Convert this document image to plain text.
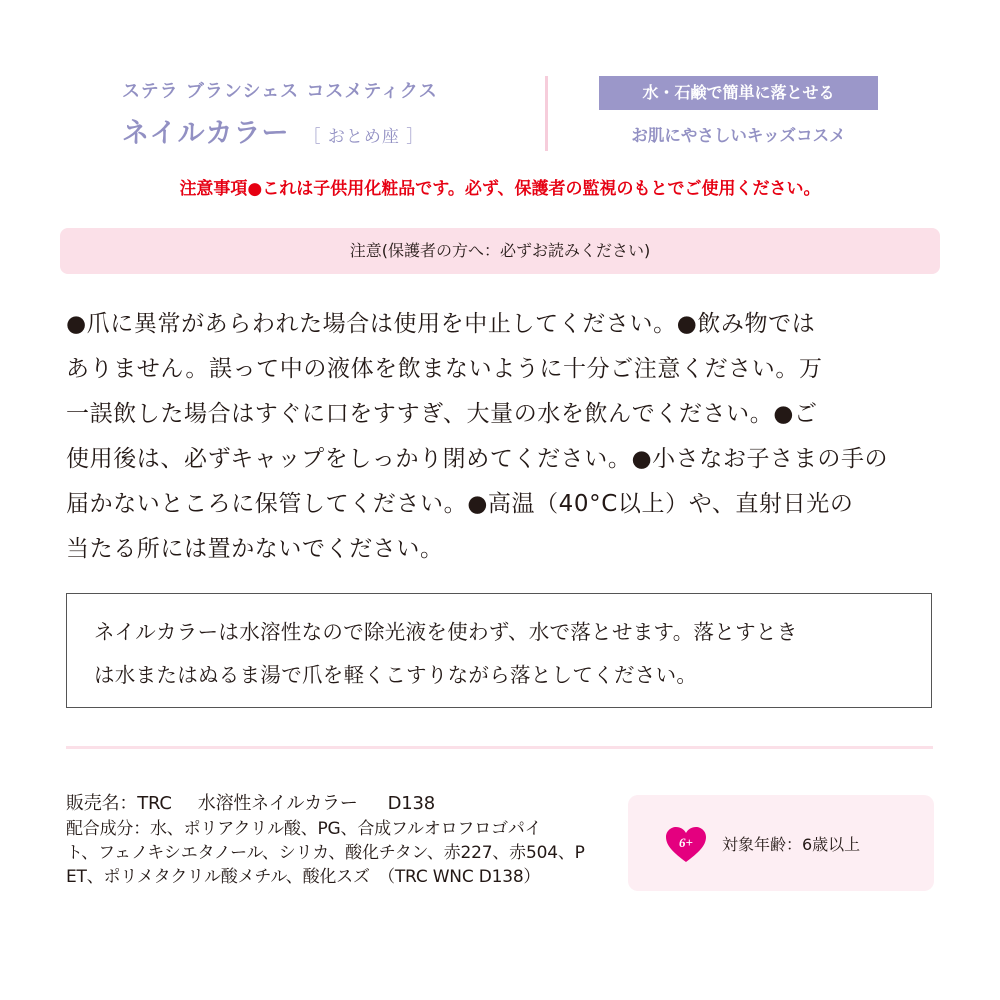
ステラ ブランシェス コスメティクス
ネイルカラー ［ おとめ座 ］
水・石鹸で簡単に落とせる
お肌にやさしいキッズコスメ
注意事項●これは子供用化粧品です。必ず、保護者の監視のもとでご使用ください。
注意(保護者の方へ：必ずお読みください)
●爪に異常があらわれた場合は使用を中止してください。●飲み物では
ありません。誤って中の液体を飲まないように十分ご注意ください。万
一誤飲した場合はすぐに口をすすぎ、大量の水を飲んでください。●ご
使用後は、必ずキャップをしっかり閉めてください。●小さなお子さまの手の
届かないところに保管してください。●高温（40°C以上）や、直射日光の
当たる所には置かないでください。
ネイルカラーは水溶性なので除光液を使わず、水で落とせます。落とすとき
は水またはぬるま湯で爪を軽くこすりながら落としてください。
販売名：TRC 水溶性ネイルカラー D138
配合成分：水、ポリアクリル酸、PG、合成フルオロフロゴパイ
ト、フェノキシエタノール、シリカ、酸化チタン、赤227、赤504、P
ET、ポリメタクリル酸メチル、酸化スズ　（TRC WNC D138）
6+ 対象年齢：6歳以上
